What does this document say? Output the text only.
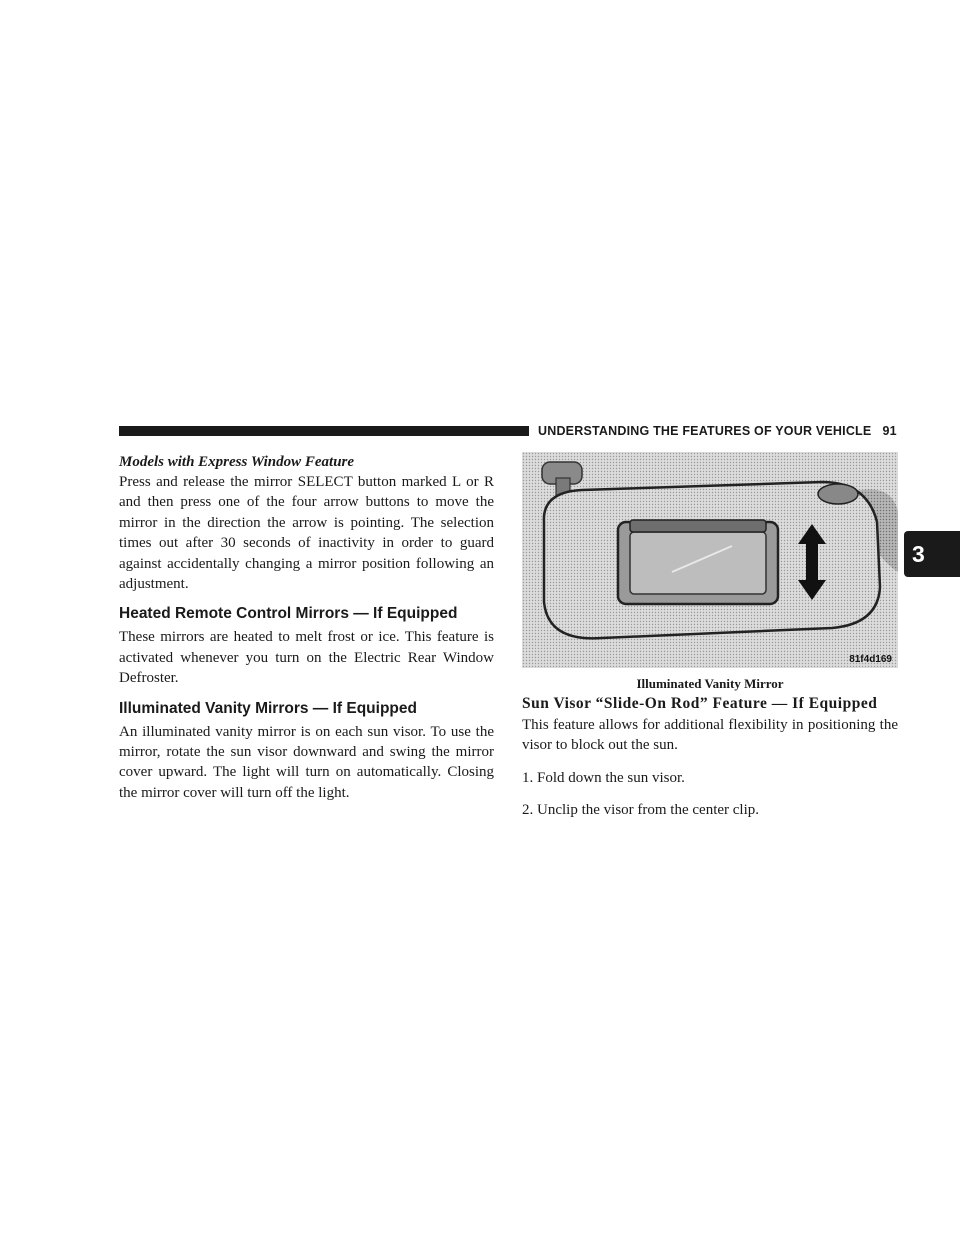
UNDERSTANDING THE FEATURES OF YOUR VEHICLE 91
3
Models with Express Window Feature

Press and release the mirror SELECT button marked L or R and then press one of the four arrow buttons to move the mirror in the direction the arrow is pointing. The selection times out after 30 seconds of inactivity in order to guard against accidentally changing a mirror position following an adjustment.

Heated Remote Control Mirrors — If Equipped

These mirrors are heated to melt frost or ice. This feature is activated whenever you turn on the Electric Rear Window Defroster.

Illuminated Vanity Mirrors — If Equipped

An illuminated vanity mirror is on each sun visor. To use the mirror, rotate the sun visor downward and swing the mirror cover upward. The light will turn on automatically. Closing the mirror cover will turn off the light.

81f4d169
Illuminated Vanity Mirror
Sun Visor “Slide-On Rod” Feature — If Equipped

This feature allows for additional flexibility in positioning the visor to block out the sun.

1. Fold down the sun visor.

2. Unclip the visor from the center clip.
